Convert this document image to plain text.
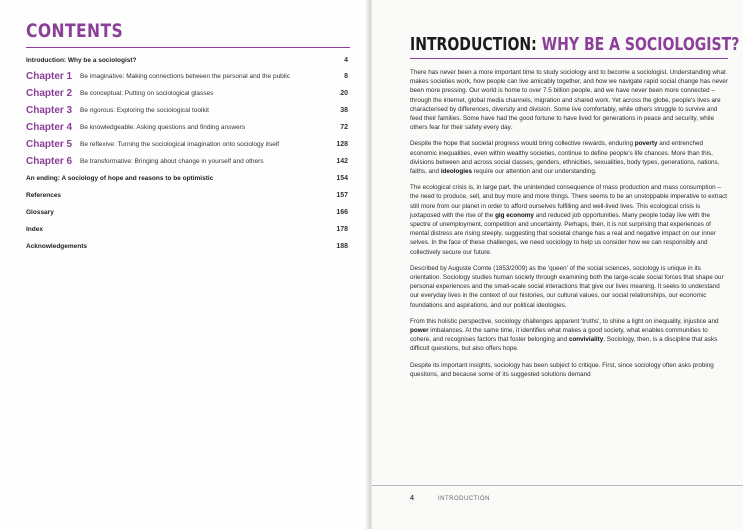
CONTENTS
Introduction: Why be a sociologist?	4
Chapter 1 Be imaginative: Making connections between the personal and the public	8
Chapter 2 Be conceptual: Putting on sociological glasses	20
Chapter 3 Be rigorous: Exploring the sociological toolkit	38
Chapter 4 Be knowledgeable: Asking questions and finding answers	72
Chapter 5 Be reflexive: Turning the sociological imagination onto sociology itself	128
Chapter 6 Be transformative: Bringing about change in yourself and others	142
An ending: A sociology of hope and reasons to be optimistic	154
References	157
Glossary	166
Index	178
Acknowledgements	188
INTRODUCTION: WHY BE A SOCIOLOGIST?

There has never been a more important time to study sociology and to become a sociologist. Understanding what makes societies work, how people can live amicably together, and how we navigate rapid social change has never been more pressing. Our world is home to over 7.5 billion people, and we have never been more connected – through the internet, global media channels, migration and shared work. Yet across the globe, people's lives are characterised by differences, diversity and division. Some live comfortably, while others struggle to survive and feed their families. Some have had the good fortune to have lived for generations in peace and security, while others fear for their safety every day.

Despite the hope that societal progress would bring collective rewards, enduring poverty and entrenched economic inequalities, even within wealthy societies, continue to define people's life chances. More than this, divisions between and across social classes, genders, ethnicities, sexualities, body types, generations, nations, faiths, and ideologies require our attention and our understanding.

The ecological crisis is, in large part, the unintended consequence of mass production and mass consumption – the need to produce, sell, and buy more and more things. There seems to be an unstoppable imperative to extract still more from our planet in order to afford ourselves fulfilling and well-lived lives. This ecological crisis is juxtaposed with the rise of the gig economy and reduced job opportunities. Many people today live with the spectre of unemployment, competition and uncertainty. Perhaps, then, it is not surprising that experiences of mental distress are rising steeply, suggesting that societal change has a real and negative impact on our inner selves. In the face of these challenges, we need sociology to help us consider how we can responsibly and collectively secure our future.

Described by Auguste Comte (1853/2009) as the 'queen' of the social sciences, sociology is unique in its orientation. Sociology studies human society through examining both the large-scale social forces that shape our personal experiences and the small-scale social interactions that give our lives meaning. It seeks to understand our everyday lives in the context of our histories, our cultural values, our social relationships, our economic foundations and aspirations, and our political ideologies.

From this holistic perspective, sociology challenges apparent 'truths', to shine a light on inequality, injustice and power imbalances. At the same time, it identifies what makes a good society, what enables communities to cohere, and recognises factors that foster belonging and conviviality. Sociology, then, is a discipline that asks difficult questions, but also offers hope.

Despite its important insights, sociology has been subject to critique. First, since sociology often asks probing questions, and because some of its suggested solutions demand

4	INTRODUCTION
